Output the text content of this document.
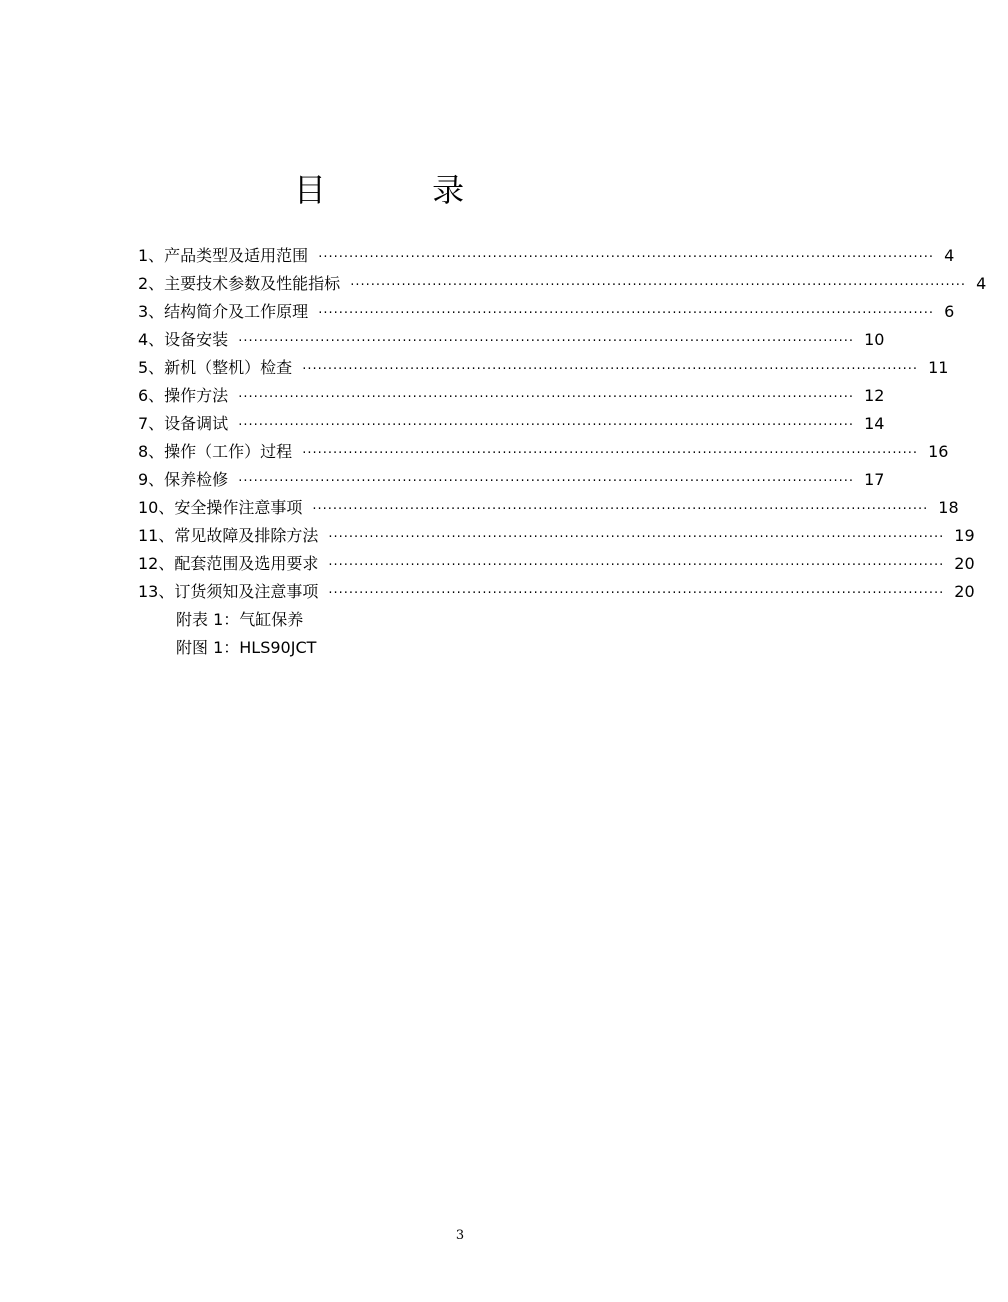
目 录
1、产品类型及适用范围 ························································································································ 4
2、主要技术参数及性能指标 ························································································································ 4
3、结构简介及工作原理 ························································································································ 6
4、设备安装 ························································································································ 10
5、新机（整机）检查 ························································································································ 11
6、操作方法 ························································································································ 12
7、设备调试 ························································································································ 14
8、操作（工作）过程 ························································································································ 16
9、保养检修 ························································································································ 17
10、安全操作注意事项 ························································································································ 18
11、常见故障及排除方法 ························································································································ 19
12、配套范围及选用要求 ························································································································ 20
13、订货须知及注意事项 ························································································································ 20
附表 1：气缸保养
附图 1：HLS90JCT
3
